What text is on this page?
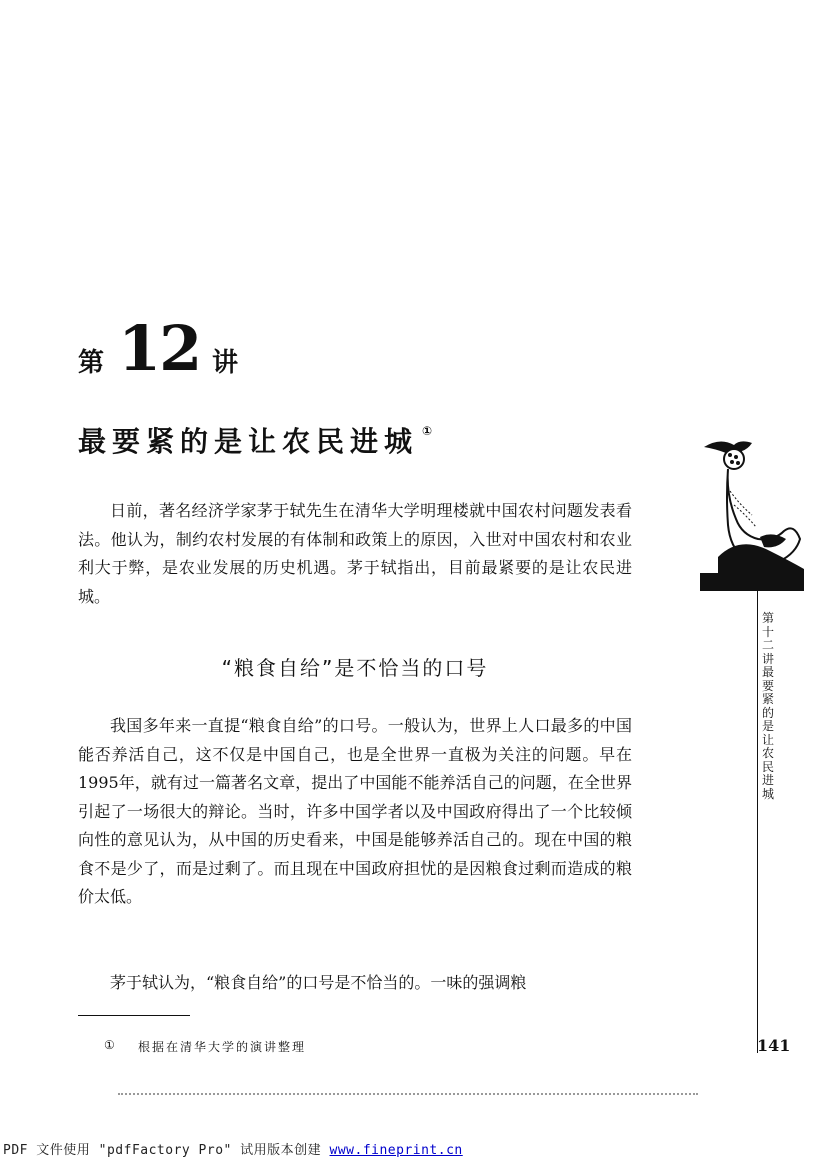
第 12 讲
最要紧的是让农民进城 ①

日前，著名经济学家茅于轼先生在清华大学明理楼就中国农村问题发表看法。他认为，制约农村发展的有体制和政策上的原因，入世对中国农村和农业利大于弊，是农业发展的历史机遇。茅于轼指出，目前最紧要的是让农民进城。

“粮食自给”是不恰当的口号

我国多年来一直提“粮食自给”的口号。一般认为，世界上人口最多的中国能否养活自己，这不仅是中国自己，也是全世界一直极为关注的问题。早在1995年，就有过一篇著名文章，提出了中国能不能养活自己的问题，在全世界引起了一场很大的辩论。当时，许多中国学者以及中国政府得出了一个比较倾向性的意见认为，从中国的历史看来，中国是能够养活自己的。现在中国的粮食不是少了，而是过剩了。而且现在中国政府担忧的是因粮食过剩而造成的粮价太低。

茅于轼认为，“粮食自给”的口号是不恰当的。一味的强调粮

① 根据在清华大学的演讲整理
第十二讲 最要紧的是让农民进城
141
PDF 文件使用 "pdfFactory Pro" 试用版本创建 www.fineprint.cn
